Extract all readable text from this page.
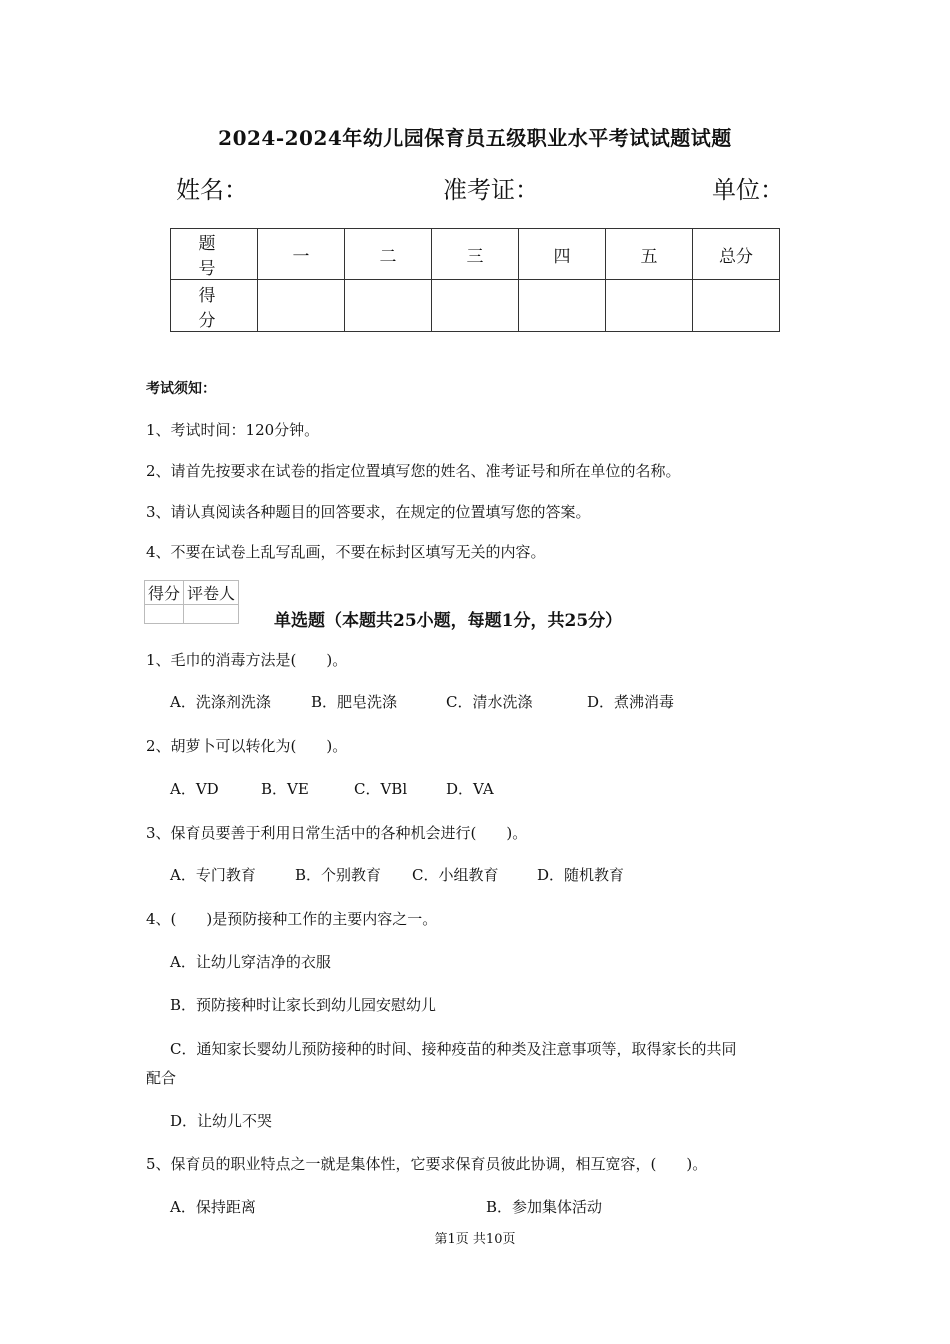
2024-2024年幼儿园保育员五级职业水平考试试题试题
姓名：	准考证：	单位：
题　号	一	二	三	四	五	总分
得　分						
考试须知：
1、考试时间：120分钟。
2、请首先按要求在试卷的指定位置填写您的姓名、准考证号和所在单位的名称。
3、请认真阅读各种题目的回答要求，在规定的位置填写您的答案。
4、不要在试卷上乱写乱画，不要在标封区填写无关的内容。
得分	评卷人

单选题（本题共25小题，每题1分，共25分）
1、毛巾的消毒方法是(　　)。
A．洗涤剂洗涤	B．肥皂洗涤	C．清水洗涤	D．煮沸消毒
2、胡萝卜可以转化为(　　)。
A．VD	B．VE	C．VBl	D．VA
3、保育员要善于利用日常生活中的各种机会进行(　　)。
A．专门教育	B．个别教育 C．小组教育	D．随机教育
4、(　　)是预防接种工作的主要内容之一。
A．让幼儿穿洁净的衣服
B．预防接种时让家长到幼儿园安慰幼儿
C．通知家长婴幼儿预防接种的时间、接种疫苗的种类及注意事项等，取得家长的共同
配合
D．让幼儿不哭
5、保育员的职业特点之一就是集体性，它要求保育员彼此协调，相互宽容，(　　)。
A．保持距离	B．参加集体活动
第1页 共10页
